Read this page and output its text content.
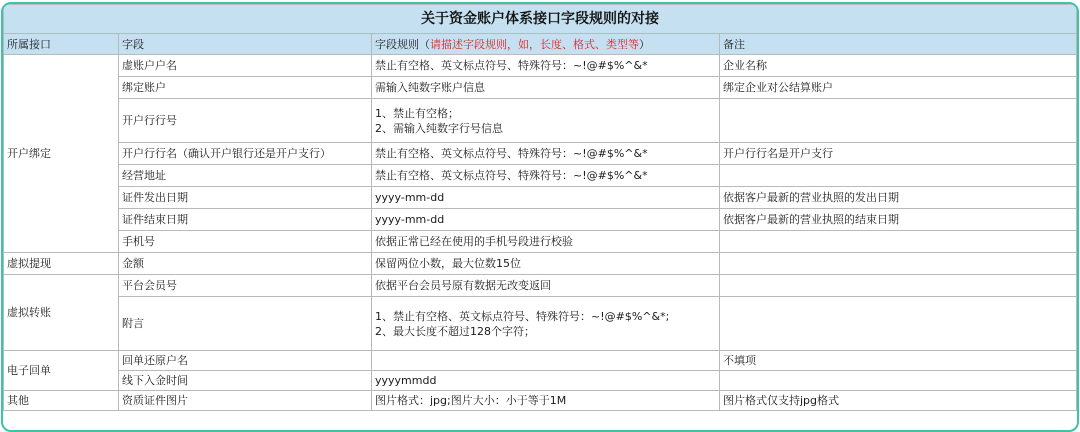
关于资金账户体系接口字段规则的对接			
所属接口	字段	字段规则（请描述字段规则，如，长度、格式、类型等）	备注
开户绑定	虚账户户名	禁止有空格、英文标点符号、特殊符号：~!@#$%^&*	企业名称
	绑定账户	需输入纯数字账户信息	绑定企业对公结算账户
	开户行行号	1、禁止有空格；
2、需输入纯数字行号信息	

	开户行行名（确认开户银行还是开户支行）	禁止有空格、英文标点符号、特殊符号：~!@#$%^&*	开户行行名是开户支行
	经营地址	禁止有空格、英文标点符号、特殊符号：~!@#$%^&*	
	证件发出日期	yyyy-mm-dd	依据客户最新的营业执照的发出日期
	证件结束日期	yyyy-mm-dd	依据客户最新的营业执照的结束日期
	手机号	依据正常已经在使用的手机号段进行校验	
虚拟提现	金额	保留两位小数，最大位数15位	
虚拟转账	平台会员号	依据平台会员号原有数据无改变返回	
	附言	1、禁止有空格、英文标点符号、特殊符号：~!@#$%^&*;
2、最大长度不超过128个字符；	

电子回单	回单还原户名		不填项
	线下入金时间	yyyymmdd	
其他	资质证件图片	图片格式：jpg;图片大小：小于等于1M	图片格式仅支持jpg格式
